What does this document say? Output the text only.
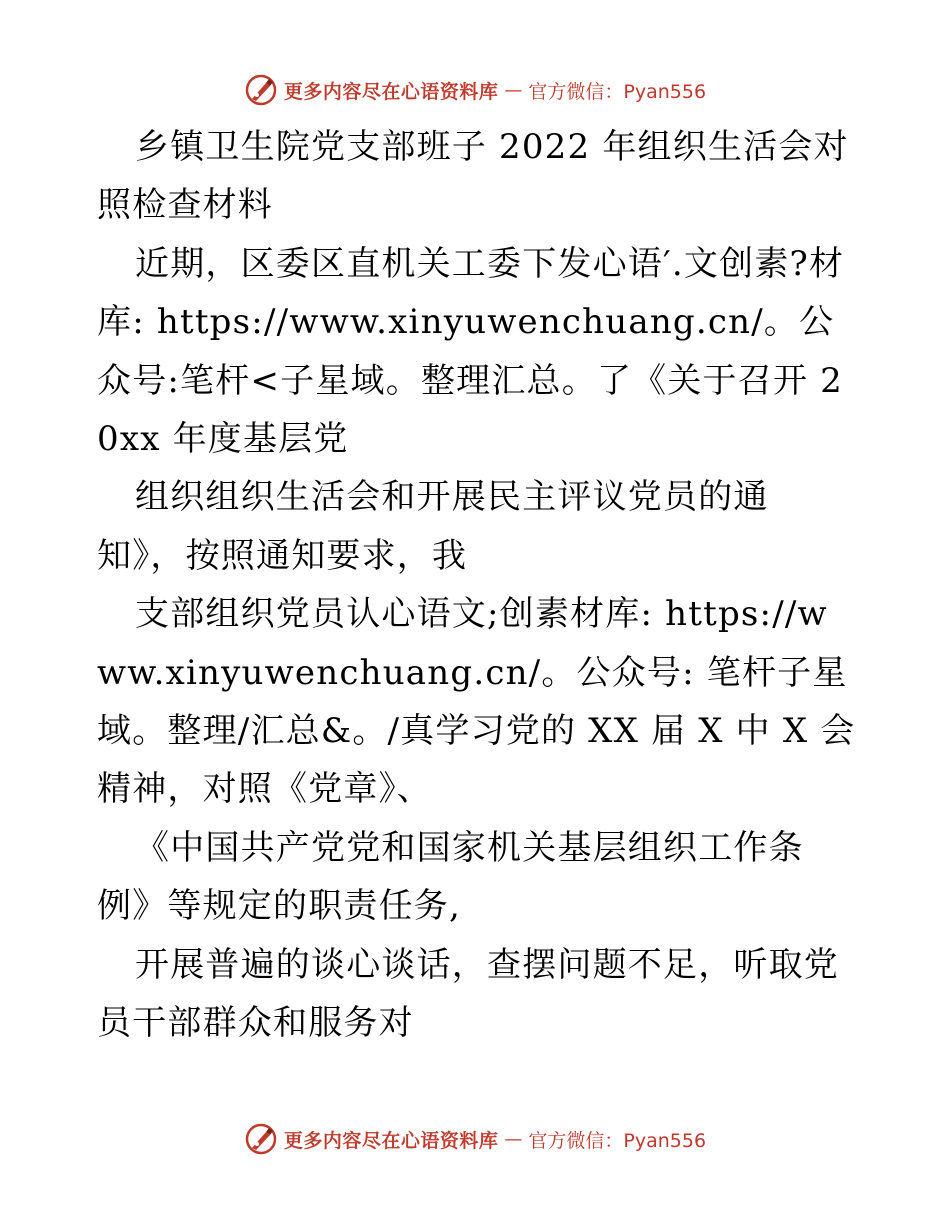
更多内容尽在心语资料库 — 官方微信：Pyan556

乡镇卫生院党支部班子 2022 年组织生活会对照检查材料

近期，区委区直机关工委下发心语′.文创素?材库: https://www.xinyuwenchuang.cn/。公众号:笔杆<子星域。整理汇总。了《关于召开 20xx 年度基层党

组织组织生活会和开展民主评议党员的通知》，按照通知要求，我

支部组织党员认心语文;创素材库: https://www.xinyuwenchuang.cn/。公众号: 笔杆子星域。整理/汇总&。/真学习党的 XX 届 X 中 X 会精神，对照《党章》、

《中国共产党党和国家机关基层组织工作条例》等规定的职责任务,

开展普遍的谈心谈话，查摆问题不足，听取党员干部群众和服务对

更多内容尽在心语资料库 — 官方微信：Pyan556
